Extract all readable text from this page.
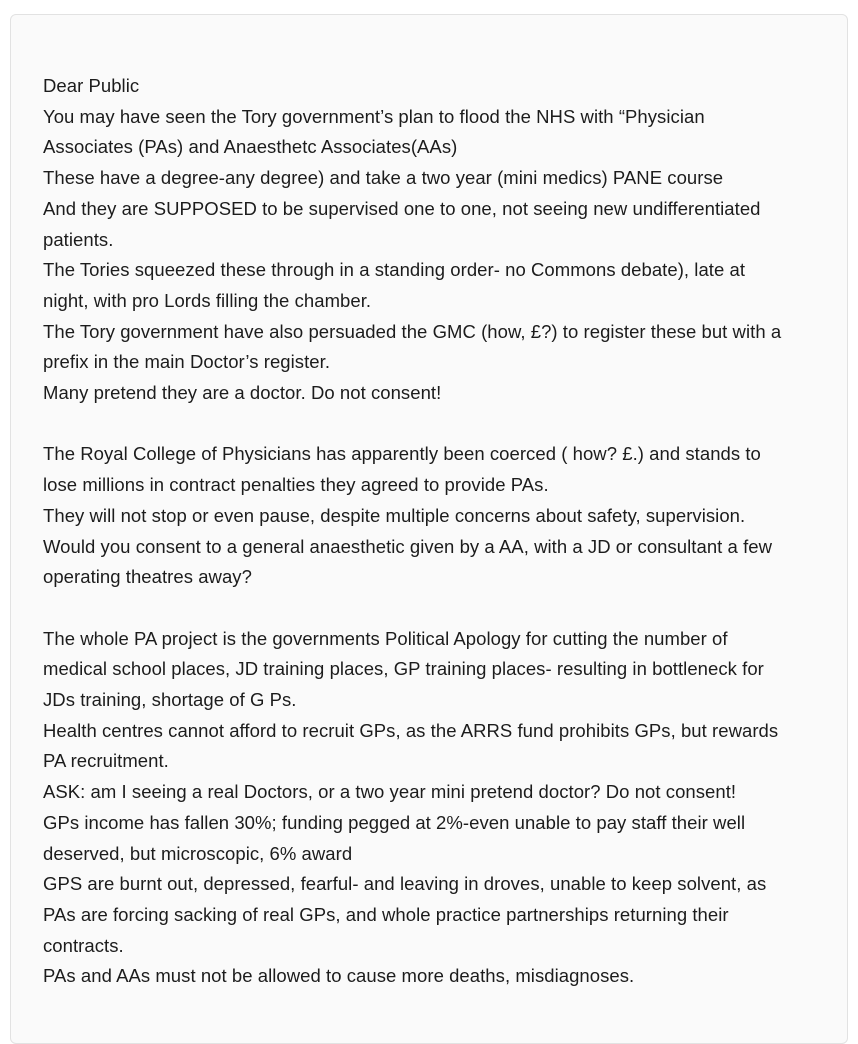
Dear Public
You may have seen the Tory government’s plan to flood the NHS with “Physician
Associates (PAs) and Anaesthetc Associates(AAs)
These have a degree-any degree) and take a two year (mini medics) PANE course
And they are SUPPOSED to be supervised one to one, not seeing new undifferentiated
patients.
The Tories squeezed these through in a standing order- no Commons debate), late at
night, with pro Lords filling the chamber.
The Tory government have also persuaded the GMC (how, £?) to register these but with a
prefix in the main Doctor’s register.
Many pretend they are a doctor. Do not consent!

The Royal College of Physicians has apparently been coerced ( how? £.) and stands to
lose millions in contract penalties they agreed to provide PAs.
They will not stop or even pause, despite multiple concerns about safety, supervision.
Would you consent to a general anaesthetic given by a AA, with a JD or consultant a few
operating theatres away?

The whole PA project is the governments Political Apology for cutting the number of
medical school places, JD training places, GP training places- resulting in bottleneck for
JDs training, shortage of G Ps.
Health centres cannot afford to recruit GPs, as the ARRS fund prohibits GPs, but rewards
PA recruitment.
ASK: am I seeing a real Doctors, or a two year mini pretend doctor? Do not consent!
GPs income has fallen 30%; funding pegged at 2%-even unable to pay staff their well
deserved, but microscopic, 6% award
GPS are burnt out, depressed, fearful- and leaving in droves, unable to keep solvent, as
PAs are forcing sacking of real GPs, and whole practice partnerships returning their
contracts.
PAs and AAs must not be allowed to cause more deaths, misdiagnoses.
